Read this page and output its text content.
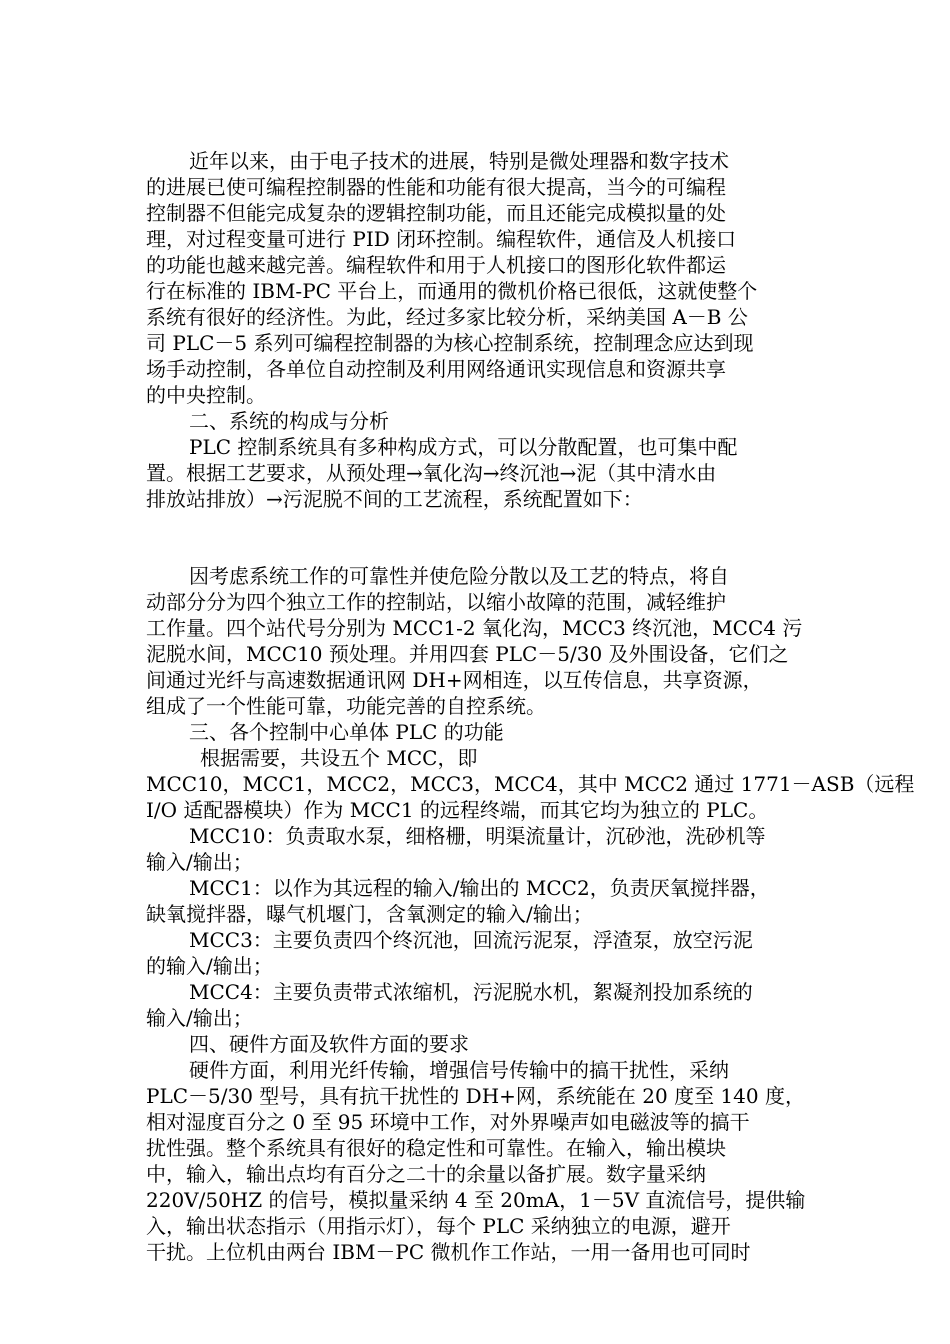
近年以来，由于电子技术的进展，特别是微处理器和数字技术
的进展已使可编程控制器的性能和功能有很大提高，当今的可编程
控制器不但能完成复杂的逻辑控制功能，而且还能完成模拟量的处
理，对过程变量可进行 PID 闭环控制。编程软件，通信及人机接口
的功能也越来越完善。编程软件和用于人机接口的图形化软件都运
行在标准的 IBM-PC 平台上，而通用的微机价格已很低，这就使整个
系统有很好的经济性。为此，经过多家比较分析，采纳美国 A－B 公
司 PLC－5 系列可编程控制器的为核心控制系统，控制理念应达到现
场手动控制，各单位自动控制及利用网络通讯实现信息和资源共享
的中央控制。
二、系统的构成与分析
PLC 控制系统具有多种构成方式，可以分散配置，也可集中配
置。根据工艺要求，从预处理→氧化沟→终沉池→泥（其中清水由
排放站排放）→污泥脱不间的工艺流程，系统配置如下：
因考虑系统工作的可靠性并使危险分散以及工艺的特点，将自
动部分分为四个独立工作的控制站，以缩小故障的范围，减轻维护
工作量。四个站代号分别为 MCC1-2 氧化沟，MCC3 终沉池，MCC4 污
泥脱水间，MCC10 预处理。并用四套 PLC－5/30 及外围设备，它们之
间通过光纤与高速数据通讯网 DH+网相连，以互传信息，共享资源，
组成了一个性能可靠，功能完善的自控系统。
三、各个控制中心单体 PLC 的功能
根据需要，共设五个 MCC，即
MCC10，MCC1，MCC2，MCC3，MCC4，其中 MCC2 通过 1771－ASB（远程
I/O 适配器模块）作为 MCC1 的远程终端，而其它均为独立的 PLC。
MCC10：负责取水泵，细格栅，明渠流量计，沉砂池，洗砂机等
输入/输出；
MCC1：以作为其远程的输入/输出的 MCC2，负责厌氧搅拌器，
缺氧搅拌器，曝气机堰门，含氧测定的输入/输出；
MCC3：主要负责四个终沉池，回流污泥泵，浮渣泵，放空污泥
的输入/输出；
MCC4：主要负责带式浓缩机，污泥脱水机，絮凝剂投加系统的
输入/输出；
四、硬件方面及软件方面的要求
硬件方面，利用光纤传输，增强信号传输中的搞干扰性，采纳
PLC－5/30 型号，具有抗干扰性的 DH+网，系统能在 20 度至 140 度，
相对湿度百分之 0 至 95 环境中工作，对外界噪声如电磁波等的搞干
扰性强。整个系统具有很好的稳定性和可靠性。在输入，输出模块
中，输入，输出点均有百分之二十的余量以备扩展。数字量采纳
220V/50HZ 的信号，模拟量采纳 4 至 20mA，1－5V 直流信号，提供输
入，输出状态指示（用指示灯），每个 PLC 采纳独立的电源，避开
干扰。上位机由两台 IBM－PC 微机作工作站，一用一备用也可同时
